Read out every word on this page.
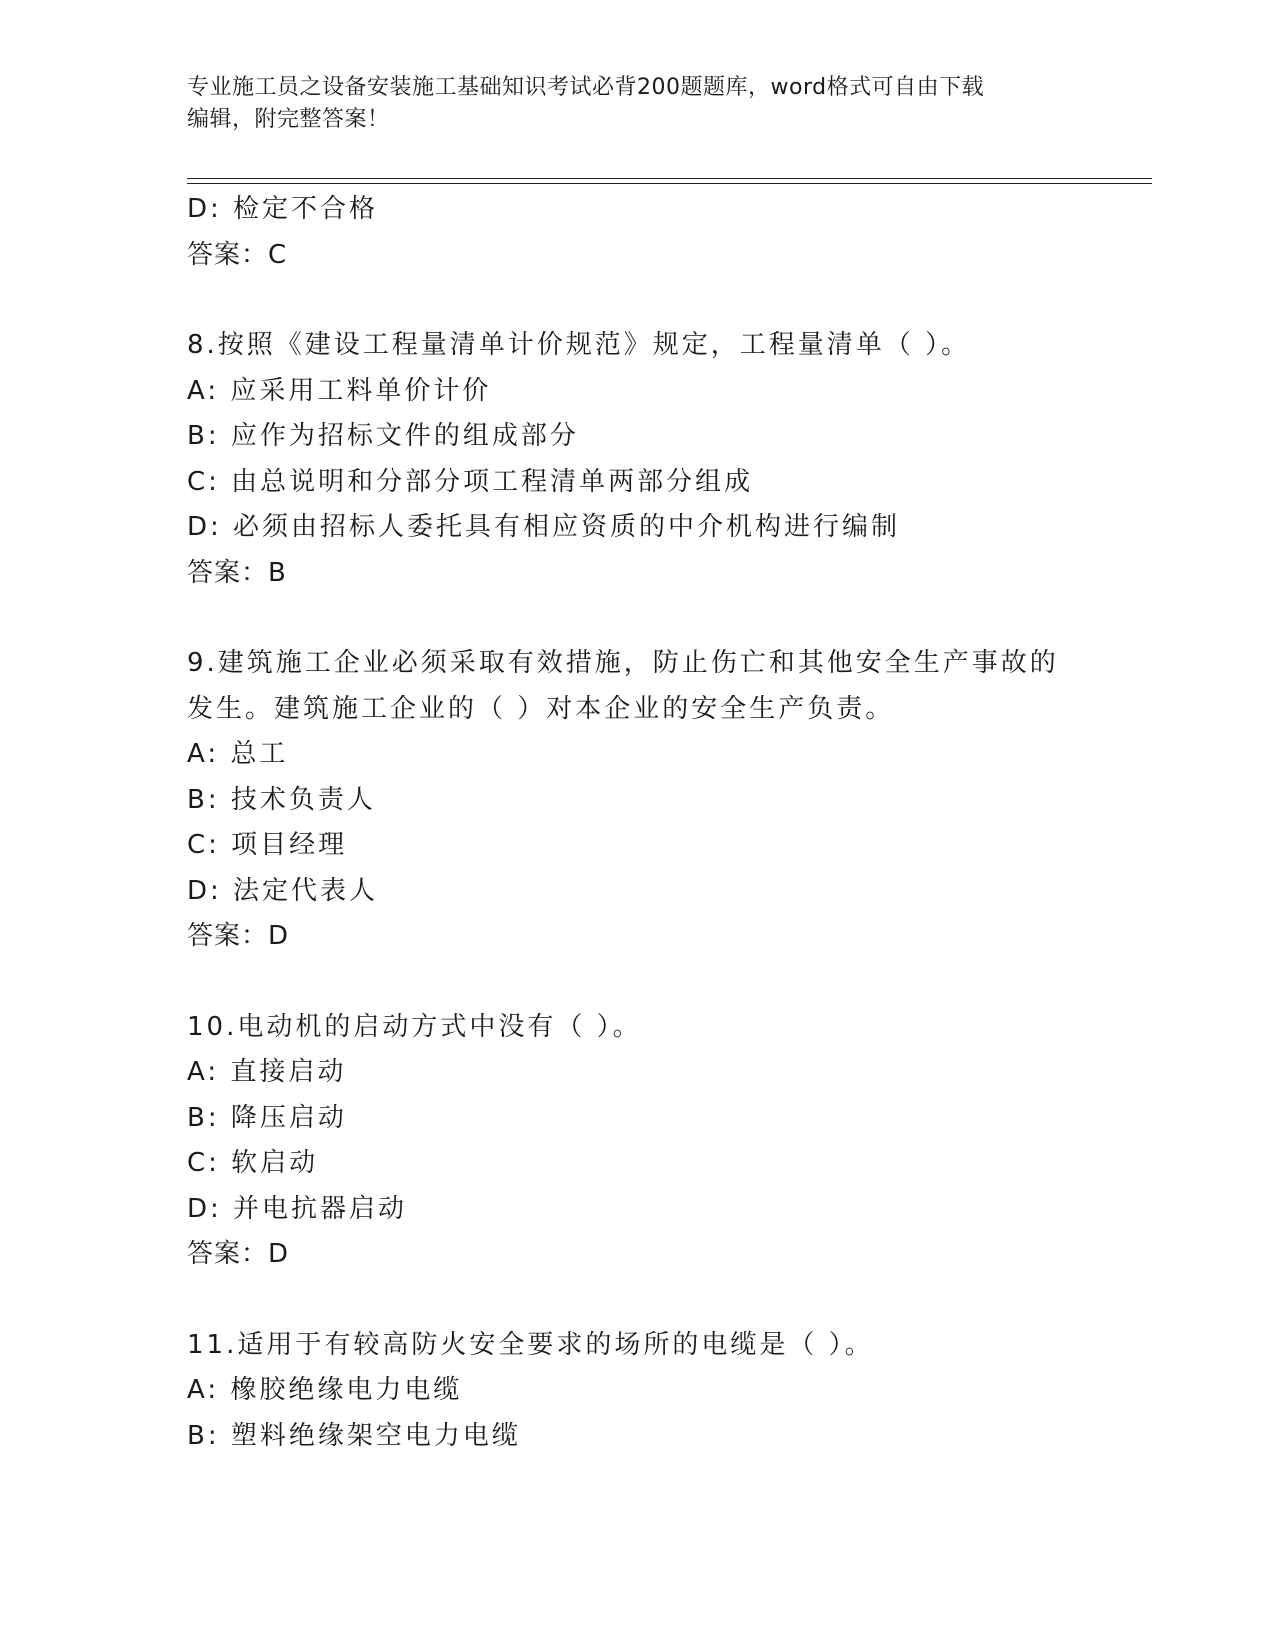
专业施工员之设备安装施工基础知识考试必背200题题库，word格式可自由下载
编辑，附完整答案！
D: 检定不合格
答案：C
8.按照《建设工程量清单计价规范》规定，工程量清单（ ）。
A: 应采用工料单价计价
B: 应作为招标文件的组成部分
C: 由总说明和分部分项工程清单两部分组成
D: 必须由招标人委托具有相应资质的中介机构进行编制
答案：B
9.建筑施工企业必须采取有效措施，防止伤亡和其他安全生产事故的
发生。建筑施工企业的（ ）对本企业的安全生产负责。
A: 总工
B: 技术负责人
C: 项目经理
D: 法定代表人
答案：D
10.电动机的启动方式中没有（ ）。
A: 直接启动
B: 降压启动
C: 软启动
D: 并电抗器启动
答案：D
11.适用于有较高防火安全要求的场所的电缆是（ ）。
A: 橡胶绝缘电力电缆
B: 塑料绝缘架空电力电缆
